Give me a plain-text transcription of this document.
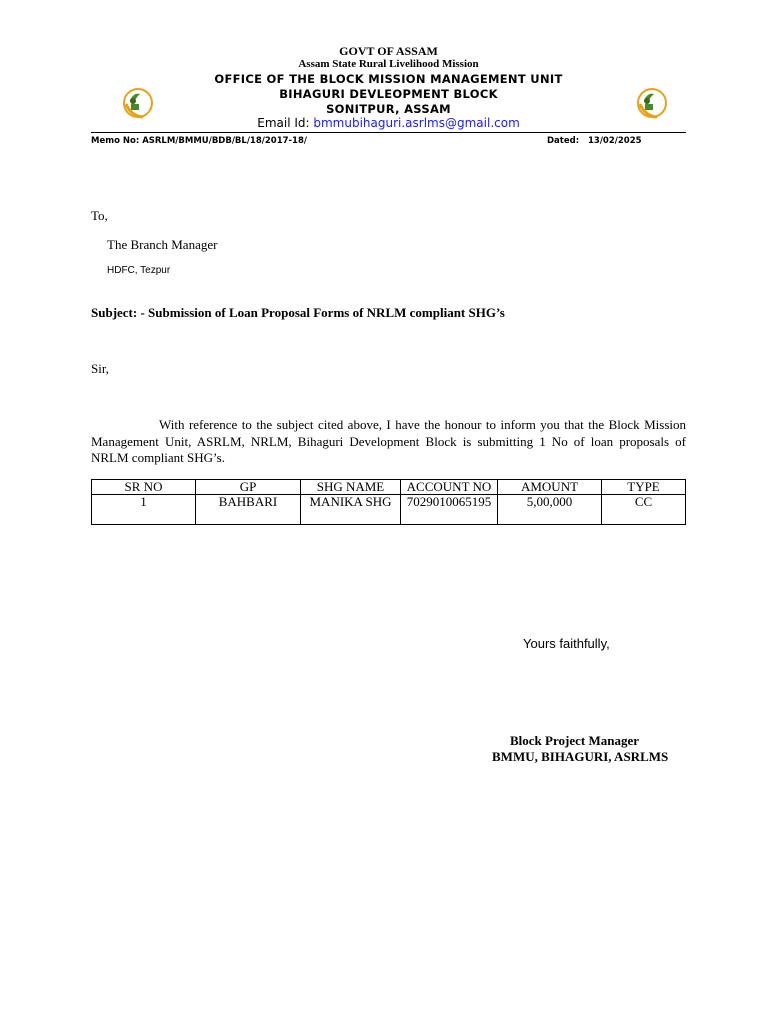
GOVT OF ASSAM
Assam State Rural Livelihood Mission
OFFICE OF THE BLOCK MISSION MANAGEMENT UNIT
BIHAGURI DEVLEOPMENT BLOCK
SONITPUR, ASSAM
Email Id: bmmubihaguri.asrlms@gmail.com
Memo No: ASRLM/BMMU/BDB/BL/18/2017-18/	Dated: 13/02/2025
To,
The Branch Manager
HDFC, Tezpur
Subject: - Submission of Loan Proposal Forms of NRLM compliant SHG’s
Sir,
With reference to the subject cited above, I have the honour to inform you that the Block Mission Management Unit, ASRLM, NRLM, Bihaguri Development Block is submitting 1 No of loan proposals of NRLM compliant SHG’s.
SR NO	GP	SHG NAME	ACCOUNT NO	AMOUNT	TYPE
1	BAHBARI	MANIKA SHG	7029010065195	5,00,000	CC
Yours faithfully,
Block Project Manager
BMMU, BIHAGURI, ASRLMS
